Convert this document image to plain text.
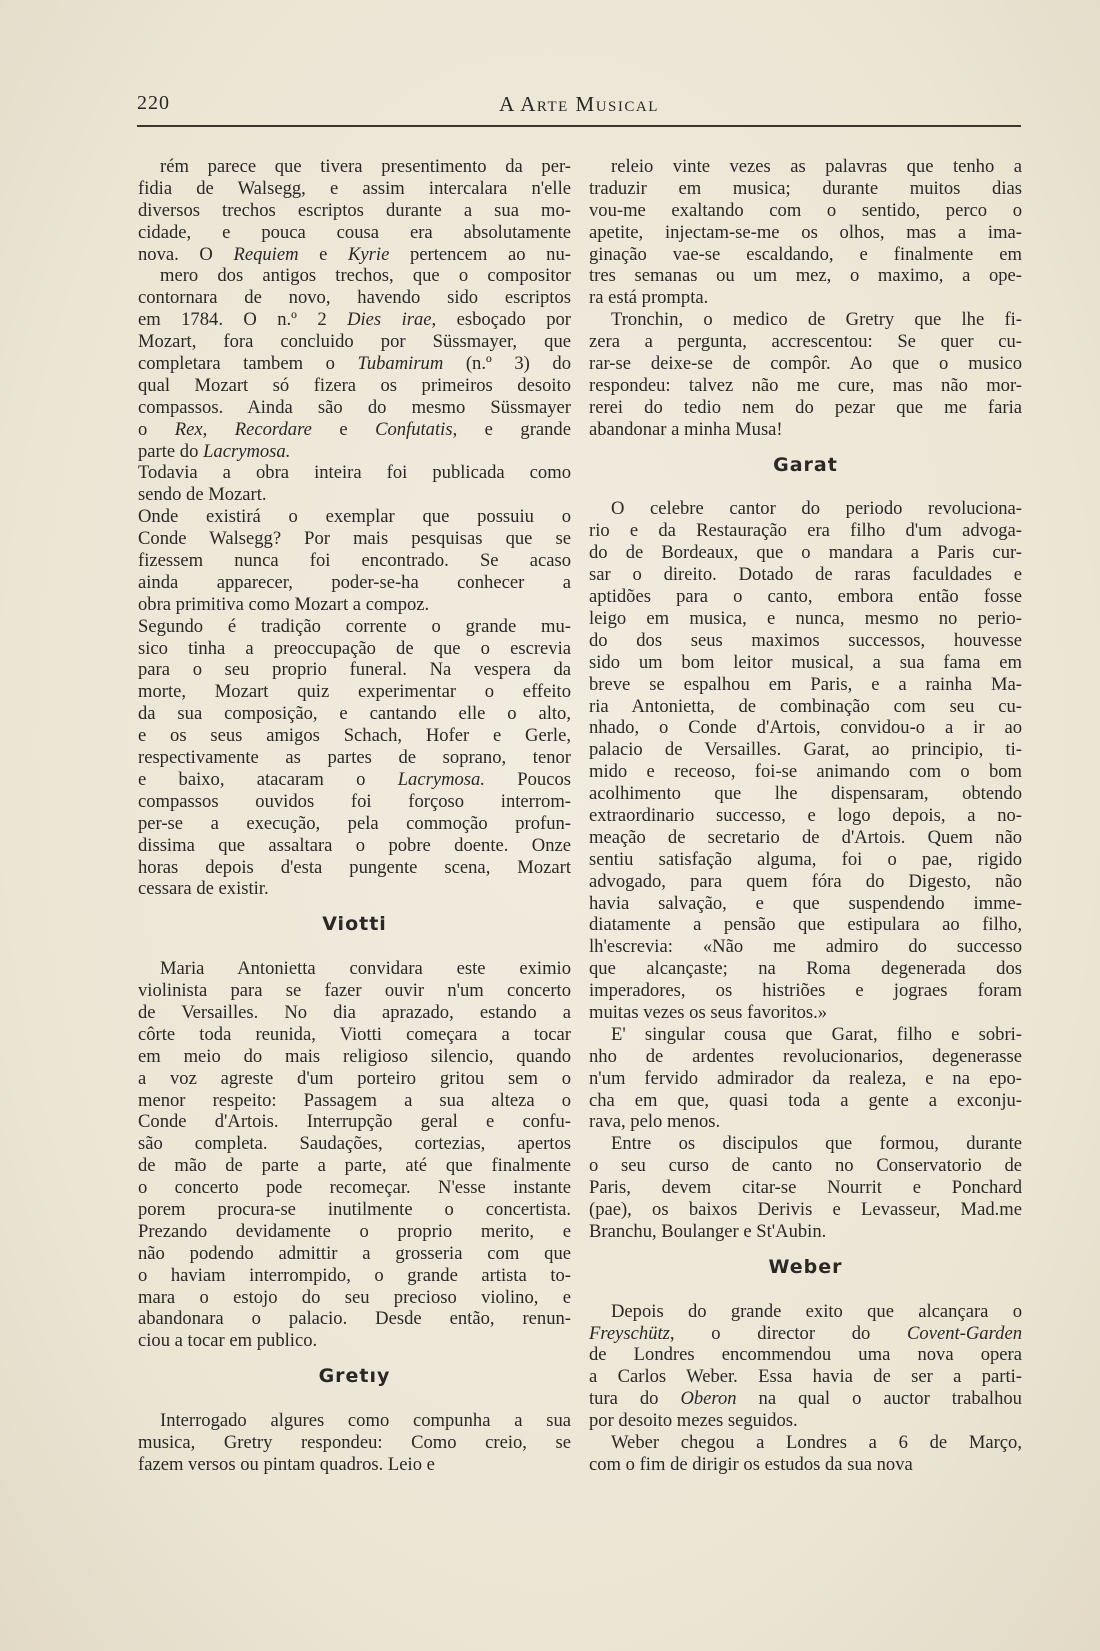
220	A Arte Musical
rém parece que tivera presentimento da per-
fidia de Walsegg, e assim intercalara n'elle
diversos trechos escriptos durante a sua mo-
cidade, e pouca cousa era absolutamente
nova. O Requiem e Kyrie pertencem ao nu-
mero dos antigos trechos, que o compositor
contornara de novo, havendo sido escriptos
em 1784. O n.º 2 Dies irae, esboçado por
Mozart, fora concluido por Süssmayer, que
completara tambem o Tubamirum (n.º 3) do
qual Mozart só fizera os primeiros desoito
compassos. Ainda são do mesmo Süssmayer
o Rex, Recordare e Confutatis, e grande
parte do Lacrymosa.
Todavia a obra inteira foi publicada como
sendo de Mozart.
Onde existirá o exemplar que possuiu o
Conde Walsegg? Por mais pesquisas que se
fizessem nunca foi encontrado. Se acaso
ainda apparecer, poder-se-ha conhecer a
obra primitiva como Mozart a compoz.
Segundo é tradição corrente o grande mu-
sico tinha a preoccupação de que o escrevia
para o seu proprio funeral. Na vespera da
morte, Mozart quiz experimentar o effeito
da sua composição, e cantando elle o alto,
e os seus amigos Schach, Hofer e Gerle,
respectivamente as partes de soprano, tenor
e baixo, atacaram o Lacrymosa. Poucos
compassos ouvidos foi forçoso interrom-
per-se a execução, pela commoção profun-
dissima que assaltara o pobre doente. Onze
horas depois d'esta pungente scena, Mozart
cessara de existir.
Viotti
Maria Antonietta convidara este eximio
violinista para se fazer ouvir n'um concerto
de Versailles. No dia aprazado, estando a
côrte toda reunida, Viotti começara a tocar
em meio do mais religioso silencio, quando
a voz agreste d'um porteiro gritou sem o
menor respeito: Passagem a sua alteza o
Conde d'Artois. Interrupção geral e confu-
são completa. Saudações, cortezias, apertos
de mão de parte a parte, até que finalmente
o concerto pode recomeçar. N'esse instante
porem procura-se inutilmente o concertista.
Prezando devidamente o proprio merito, e
não podendo admittir a grosseria com que
o haviam interrompido, o grande artista to-
mara o estojo do seu precioso violino, e
abandonara o palacio. Desde então, renun-
ciou a tocar em publico.
Gretıy
Interrogado algures como compunha a sua
musica, Gretry respondeu: Como creio, se
fazem versos ou pintam quadros. Leio e
releio vinte vezes as palavras que tenho a
traduzir em musica; durante muitos dias
vou-me exaltando com o sentido, perco o
apetite, injectam-se-me os olhos, mas a ima-
ginação vae-se escaldando, e finalmente em
tres semanas ou um mez, o maximo, a ope-
ra está prompta.
Tronchin, o medico de Gretry que lhe fi-
zera a pergunta, accrescentou: Se quer cu-
rar-se deixe-se de compôr. Ao que o musico
respondeu: talvez não me cure, mas não mor-
rerei do tedio nem do pezar que me faria
abandonar a minha Musa!
Garat
O celebre cantor do periodo revoluciona-
rio e da Restauração era filho d'um advoga-
do de Bordeaux, que o mandara a Paris cur-
sar o direito. Dotado de raras faculdades e
aptidões para o canto, embora então fosse
leigo em musica, e nunca, mesmo no perio-
do dos seus maximos successos, houvesse
sido um bom leitor musical, a sua fama em
breve se espalhou em Paris, e a rainha Ma-
ria Antonietta, de combinação com seu cu-
nhado, o Conde d'Artois, convidou-o a ir ao
palacio de Versailles. Garat, ao principio, ti-
mido e receoso, foi-se animando com o bom
acolhimento que lhe dispensaram, obtendo
extraordinario successo, e logo depois, a no-
meação de secretario de d'Artois. Quem não
sentiu satisfação alguma, foi o pae, rigido
advogado, para quem fóra do Digesto, não
havia salvação, e que suspendendo imme-
diatamente a pensão que estipulara ao filho,
lh'escrevia: «Não me admiro do successo
que alcançaste; na Roma degenerada dos
imperadores, os histriões e jograes foram
muitas vezes os seus favoritos.»
E' singular cousa que Garat, filho e sobri-
nho de ardentes revolucionarios, degenerasse
n'um fervido admirador da realeza, e na epo-
cha em que, quasi toda a gente a exconju-
rava, pelo menos.
Entre os discipulos que formou, durante
o seu curso de canto no Conservatorio de
Paris, devem citar-se Nourrit e Ponchard
(pae), os baixos Derivis e Levasseur, Mad.me
Branchu, Boulanger e St'Aubin.
Weber
Depois do grande exito que alcançara o
Freyschütz, o director do Covent-Garden
de Londres encommendou uma nova opera
a Carlos Weber. Essa havia de ser a parti-
tura do Oberon na qual o auctor trabalhou
por desoito mezes seguidos.
Weber chegou a Londres a 6 de Março,
com o fim de dirigir os estudos da sua nova
